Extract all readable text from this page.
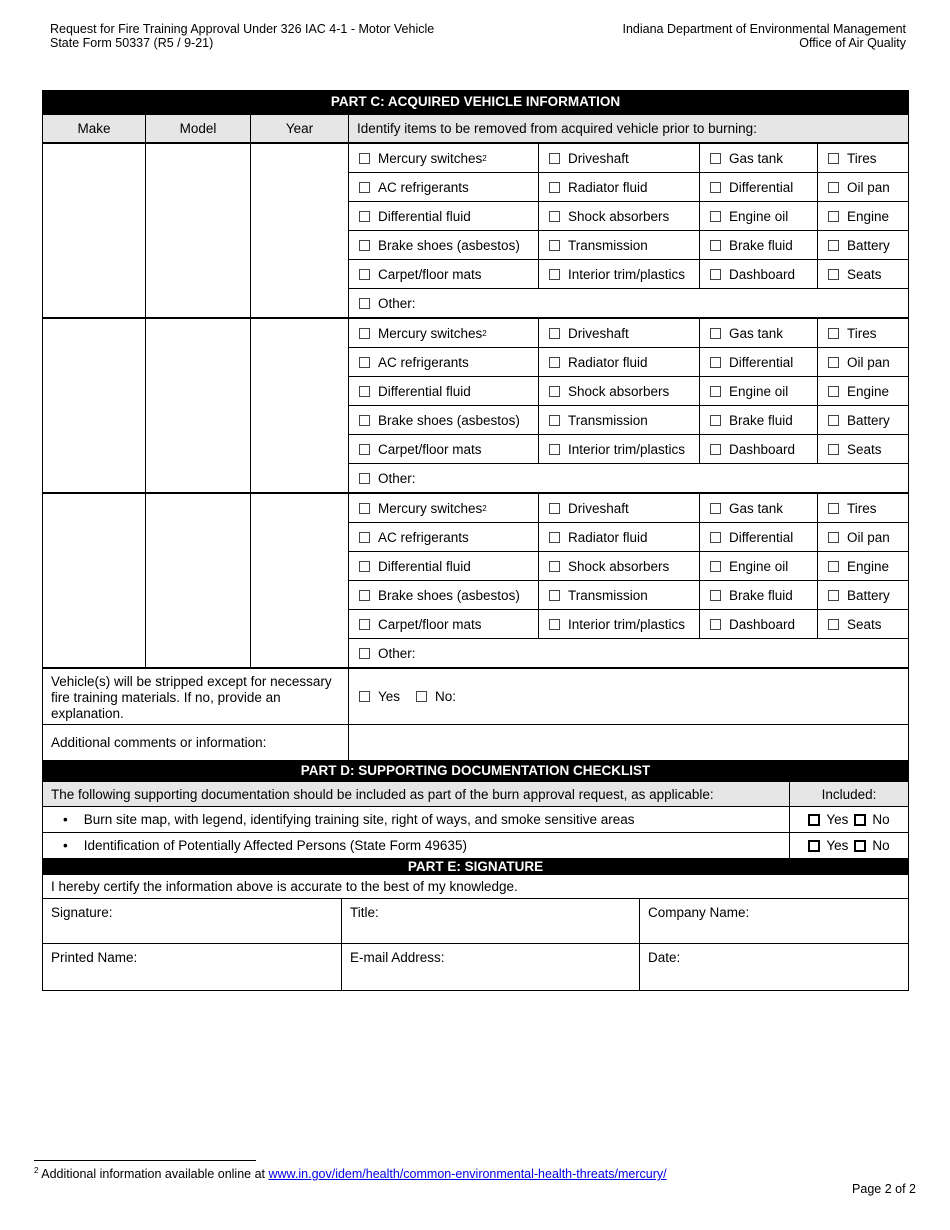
Request for Fire Training Approval Under 326 IAC 4-1 - Motor Vehicle
State Form 50337 (R5 / 9-21)
Indiana Department of Environmental Management
Office of Air Quality
PART C: ACQUIRED VEHICLE INFORMATION
Make	Model	Year	Identify items to be removed from acquired vehicle prior to burning:
Mercury switches 2	Driveshaft	Gas tank	Tires
AC refrigerants	Radiator fluid	Differential	Oil pan
Differential fluid	Shock absorbers	Engine oil	Engine
Brake shoes (asbestos)	Transmission	Brake fluid	Battery
Carpet/floor mats	Interior trim/plastics	Dashboard	Seats
Other:
Mercury switches 2	Driveshaft	Gas tank	Tires
AC refrigerants	Radiator fluid	Differential	Oil pan
Differential fluid	Shock absorbers	Engine oil	Engine
Brake shoes (asbestos)	Transmission	Brake fluid	Battery
Carpet/floor mats	Interior trim/plastics	Dashboard	Seats
Other:
Mercury switches 2	Driveshaft	Gas tank	Tires
AC refrigerants	Radiator fluid	Differential	Oil pan
Differential fluid	Shock absorbers	Engine oil	Engine
Brake shoes (asbestos)	Transmission	Brake fluid	Battery
Carpet/floor mats	Interior trim/plastics	Dashboard	Seats
Other:
Vehicle(s) will be stripped except for necessary fire training materials. If no, provide an explanation.
Yes	No:
Additional comments or information:
PART D: SUPPORTING DOCUMENTATION CHECKLIST
The following supporting documentation should be included as part of the burn approval request, as applicable:	Included:
• Burn site map, with legend, identifying training site, right of ways, and smoke sensitive areas	Yes No
• Identification of Potentially Affected Persons (State Form 49635)	Yes No
PART E: SIGNATURE
I hereby certify the information above is accurate to the best of my knowledge.
Signature:	Title:	Company Name:
Printed Name:	E-mail Address:	Date:
$^2$ Additional information available online at www.in.gov/idem/health/common-environmental-health-threats/mercury/
Page 2 of 2
